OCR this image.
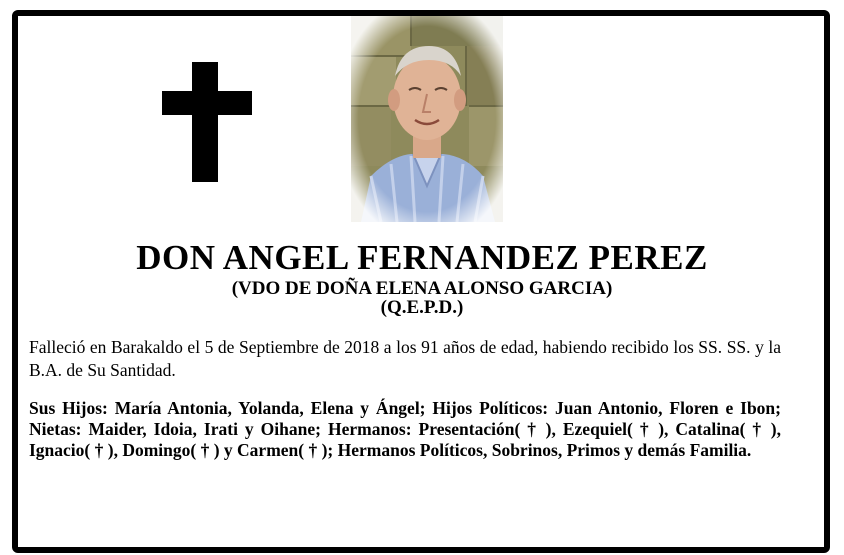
DON ANGEL FERNANDEZ PEREZ
(VDO DE DOÑA ELENA ALONSO GARCIA)
(Q.E.P.D.)
Falleció en Barakaldo el 5 de Septiembre de 2018 a los 91 años de edad, habiendo recibido los SS. SS. y la B.A. de Su Santidad.
Sus Hijos: María Antonia, Yolanda, Elena y Ángel; Hijos Políticos: Juan Antonio, Floren e Ibon; Nietas: Maider, Idoia, Irati y Oihane; Hermanos: Presentación( † ), Ezequiel( † ), Catalina( † ), Ignacio( † ), Domingo( † ) y Carmen( † ); Hermanos Políticos, Sobrinos, Primos y demás Familia.
